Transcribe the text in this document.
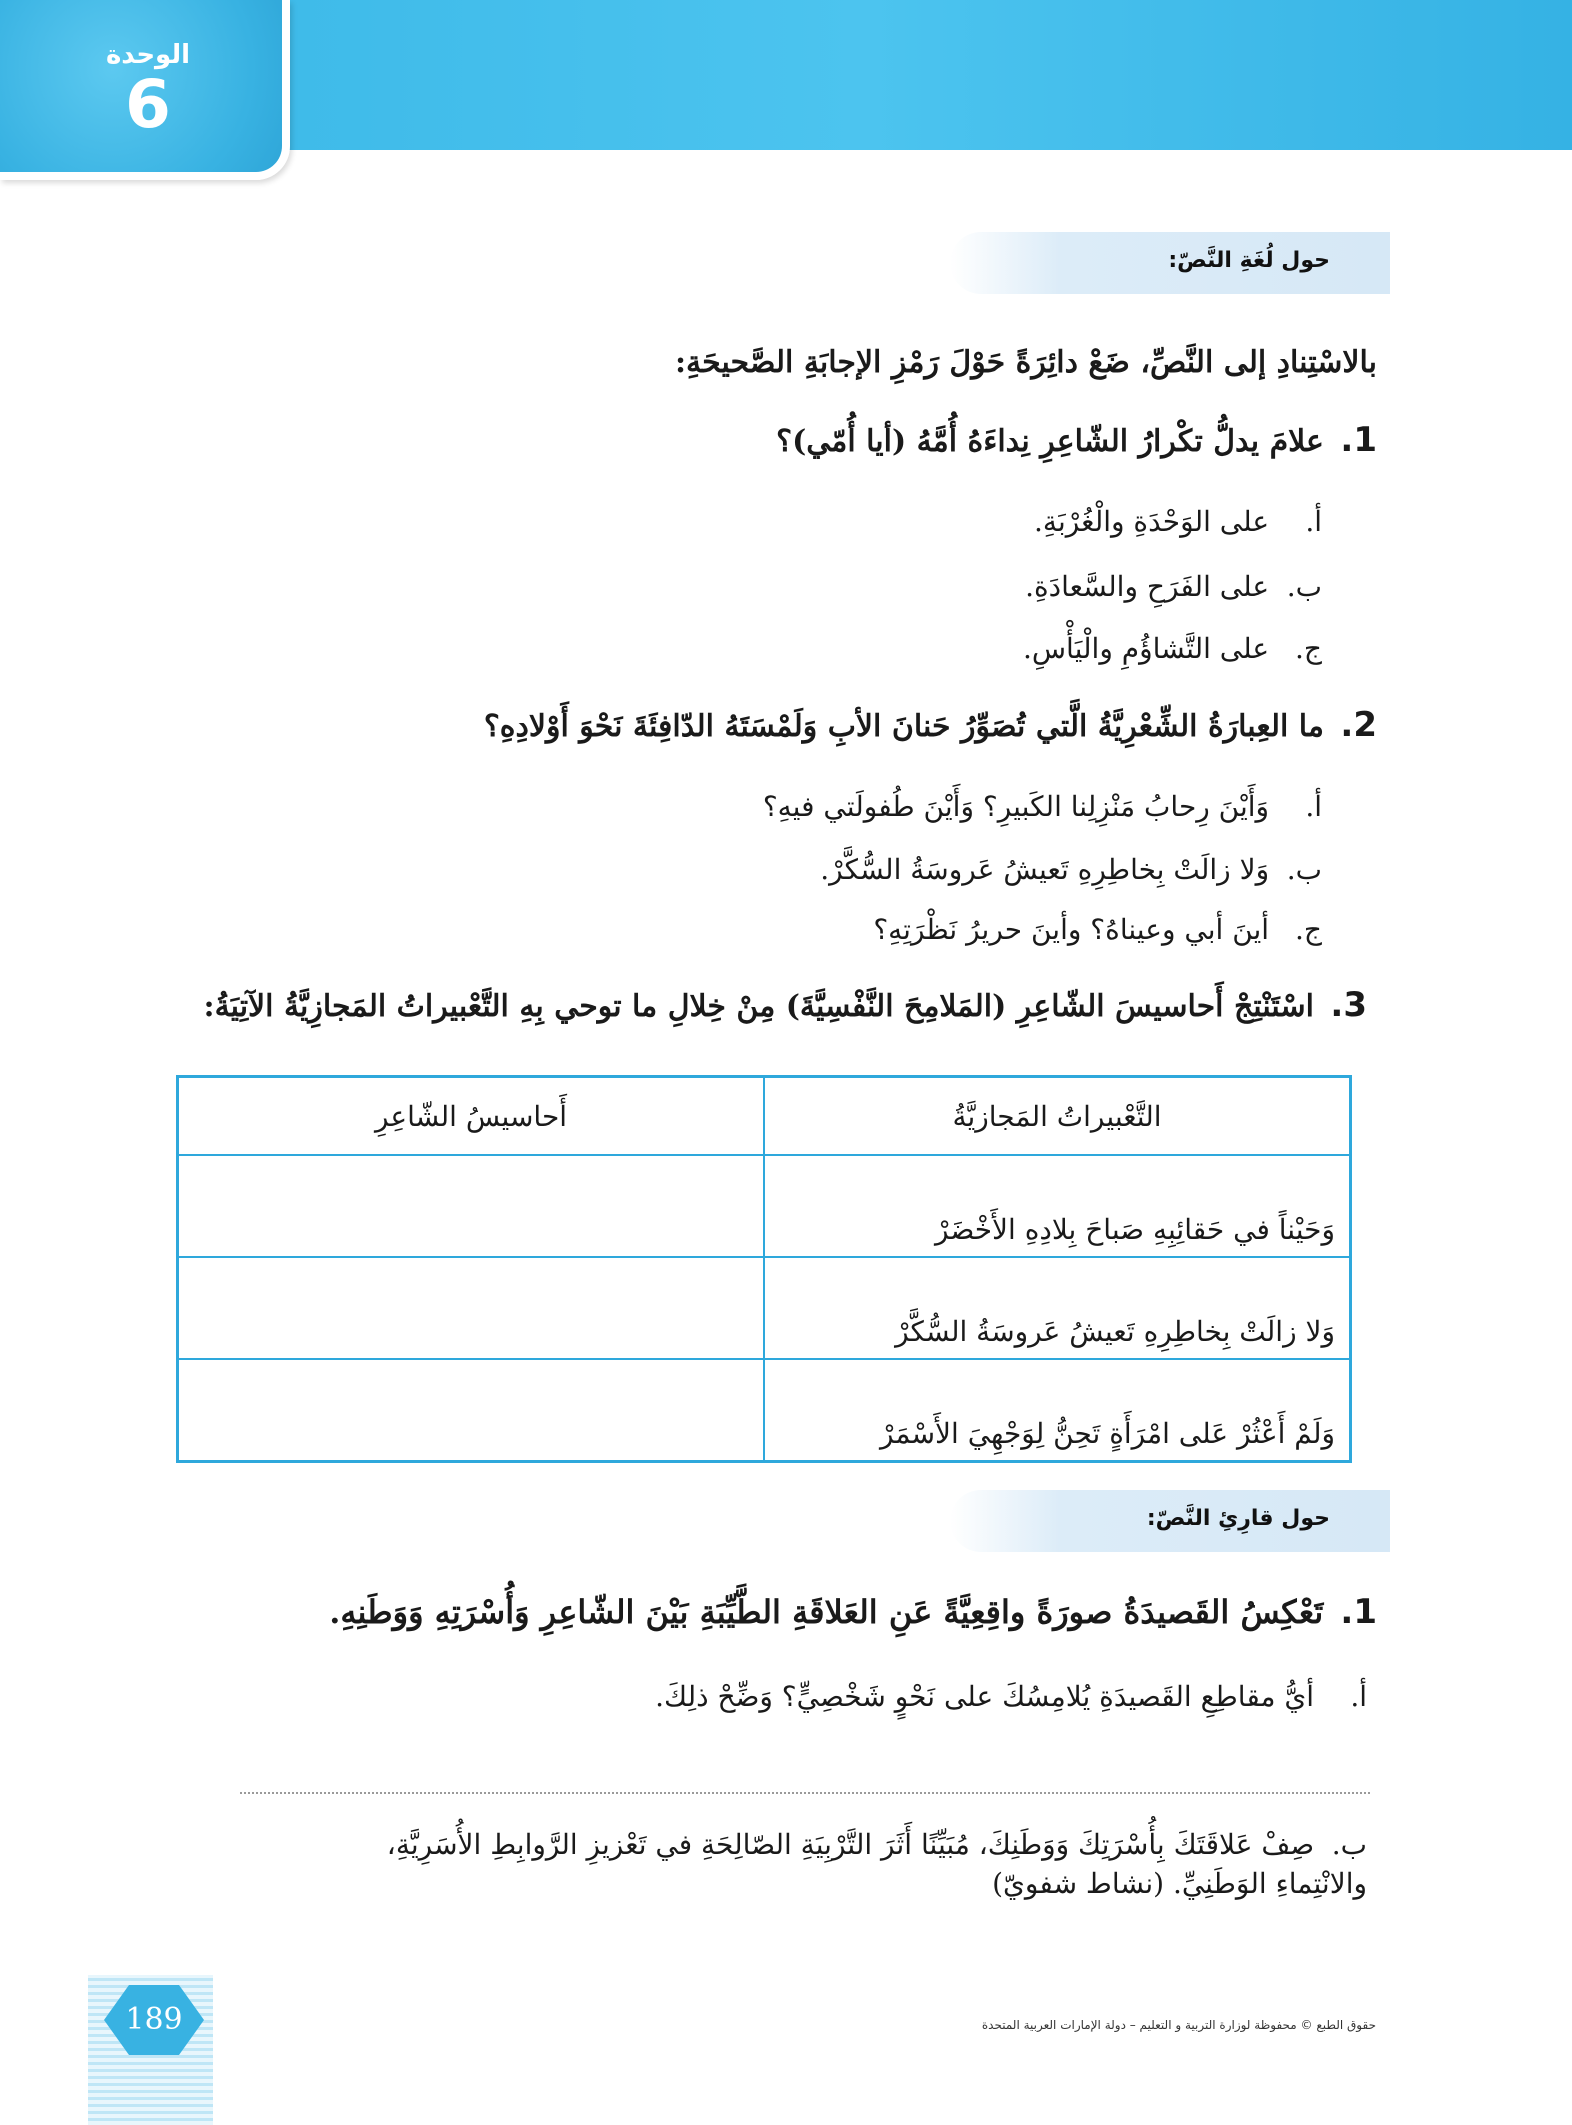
الوحدة
6
حول لُغَةِ النَّصّ:
بالاسْتِنادِ إلى النَّصِّ، ضَعْ دائِرَةً حَوْلَ رَمْزِ الإجابَةِ الصَّحيحَةِ:
1. علامَ يدلُّ تكْرارُ الشّاعِرِ نِداءَهُ أُمَّهُ (أيا أُمّي)؟
أ. على الوَحْدَةِ والْغُرْبَةِ.
ب. على الفَرَحِ والسَّعادَةِ.
ج. على التَّشاؤُمِ والْيَأْسِ.
2. ما العِبارَةُ الشِّعْرِيَّةُ الَّتي تُصَوِّرُ حَنانَ الأبِ وَلَمْسَتَهُ الدّافِئَةَ نَحْوَ أَوْلادِهِ؟
أ. وَأَيْنَ رِحابُ مَنْزِلِنا الكَبيرِ؟ وَأَيْنَ طُفولَتي فيهِ؟
ب. وَلا زالَتْ بِخاطِرِهِ تَعيشُ عَروسَةُ السُّكَّرْ.
ج. أينَ أبي وعيناهُ؟ وأينَ حريرُ نَظْرَتِهِ؟
3. اسْتَنْتِجْ أَحاسيسَ الشّاعِرِ (المَلامِحَ النَّفْسِيَّةَ) مِنْ خِلالِ ما توحي بِهِ التَّعْبيراتُ المَجازِيَّةُ الآتِيَةُ:
التَّعْبيراتُ المَجازيَّةُ	أَحاسيسُ الشّاعِرِ
وَحَيْناً في حَقائِبِهِ صَباحَ بِلادِهِ الأَخْضَرْ	
وَلا زالَتْ بِخاطِرِهِ تَعيشُ عَروسَةُ السُّكَّرْ	
وَلَمْ أَعْثُرْ عَلى امْرَأَةٍ تَحِنُّ لِوَجْهِيَ الأَسْمَرْ	
حول قارِئِ النَّصّ:
1. تَعْكِسُ القَصيدَةُ صورَةً واقِعِيَّةً عَنِ العَلاقَةِ الطَّيِّبَةِ بَيْنَ الشّاعِرِ وَأُسْرَتِهِ وَوَطَنِهِ.
أ. أيُّ مقاطِعِ القَصيدَةِ يُلامِسُكَ على نَحْوٍ شَخْصِيٍّ؟ وَضِّحْ ذلِكَ.
ب. صِفْ عَلاقَتَكَ بِأُسْرَتِكَ وَوَطَنِكَ، مُبَيِّنًا أَثَرَ التَّرْبِيَةِ الصّالِحَةِ في تَعْزيزِ الرَّوابِطِ الأُسَرِيَّةِ، والانْتِماءِ الوَطَنِيِّ. (نشاط شفويّ)
189	حقوق الطبع © محفوظة لوزارة التربية و التعليم – دولة الإمارات العربية المتحدة
